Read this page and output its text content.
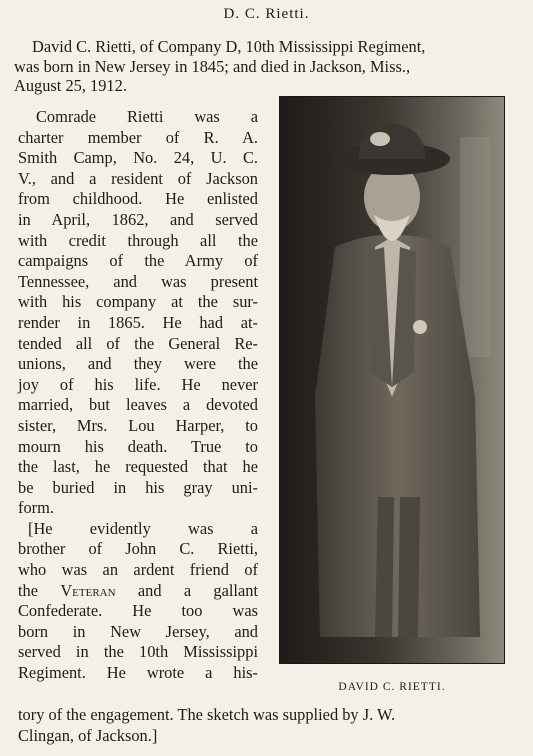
D. C. Rietti.
David C. Rietti, of Company D, 10th Mississippi Regiment,
was born in New Jersey in 1845; and died in Jackson, Miss.,
August 25, 1912.
Comrade Rietti was a
charter member of R. A.
Smith Camp, No. 24, U. C.
V., and a resident of Jackson
from childhood. He enlisted
in April, 1862, and served
with credit through all the
campaigns of the Army of
Tennessee, and was present
with his company at the sur-
render in 1865. He had at-
tended all of the General Re-
unions, and they were the
joy of his life. He never
married, but leaves a devoted
sister, Mrs. Lou Harper, to
mourn his death. True to
the last, he requested that he
be buried in his gray uni-
form.
[He evidently was a
brother of John C. Rietti,
who was an ardent friend of
the Veteran and a gallant
Confederate. He too was
born in New Jersey, and
served in the 10th Mississippi
Regiment. He wrote a his-
tory of the engagement. The sketch was supplied by J. W.
Clingan, of Jackson.]
DAVID C. RIETTI.
